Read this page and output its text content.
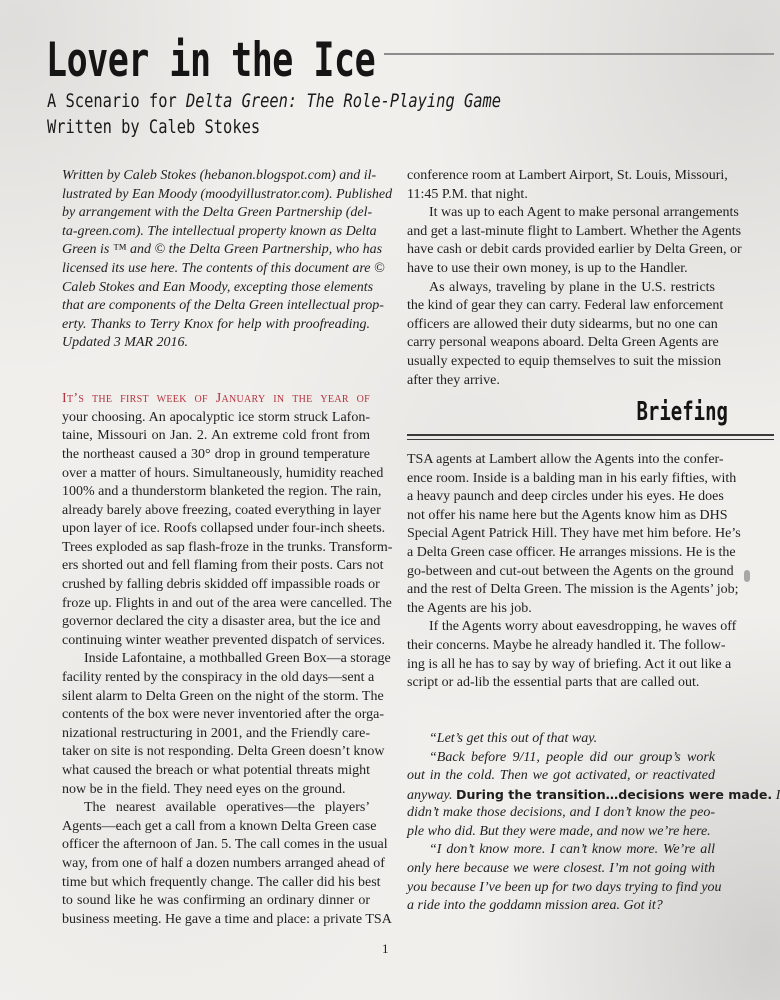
Lover in the Ice
A Scenario for Delta Green: The Role-Playing Game
Written by Caleb Stokes
Written by Caleb Stokes (hebanon.blogspot.com) and il-
lustrated by Ean Moody (moodyillustrator.com). Published
by arrangement with the Delta Green Partnership (del-
ta-green.com). The intellectual property known as Delta
Green is ™ and © the Delta Green Partnership, who has
licensed its use here. The contents of this document are ©
Caleb Stokes and Ean Moody, excepting those elements
that are components of the Delta Green intellectual prop-
erty. Thanks to Terry Knox for help with proofreading.
Updated 3 MAR 2016.
It’s the first week of January in the year of
your choosing. An apocalyptic ice storm struck Lafon-
taine, Missouri on Jan. 2. An extreme cold front from
the northeast caused a 30° drop in ground temperature
over a matter of hours. Simultaneously, humidity reached
100% and a thunderstorm blanketed the region. The rain,
already barely above freezing, coated everything in layer
upon layer of ice. Roofs collapsed under four-inch sheets.
Trees exploded as sap flash-froze in the trunks. Transform-
ers shorted out and fell flaming from their posts. Cars not
crushed by falling debris skidded off impassible roads or
froze up. Flights in and out of the area were cancelled. The
governor declared the city a disaster area, but the ice and
continuing winter weather prevented dispatch of services.
Inside Lafontaine, a mothballed Green Box—a storage
facility rented by the conspiracy in the old days—sent a
silent alarm to Delta Green on the night of the storm. The
contents of the box were never inventoried after the orga-
nizational restructuring in 2001, and the Friendly care-
taker on site is not responding. Delta Green doesn’t know
what caused the breach or what potential threats might
now be in the field. They need eyes on the ground.
The nearest available operatives—the players’
Agents—each get a call from a known Delta Green case
officer the afternoon of Jan. 5. The call comes in the usual
way, from one of half a dozen numbers arranged ahead of
time but which frequently change. The caller did his best
to sound like he was confirming an ordinary dinner or
business meeting. He gave a time and place: a private TSA
conference room at Lambert Airport, St. Louis, Missouri,
11:45 P.M. that night.
It was up to each Agent to make personal arrangements
and get a last-minute flight to Lambert. Whether the Agents
have cash or debit cards provided earlier by Delta Green, or
have to use their own money, is up to the Handler.
As always, traveling by plane in the U.S. restricts
the kind of gear they can carry. Federal law enforcement
officers are allowed their duty sidearms, but no one can
carry personal weapons aboard. Delta Green Agents are
usually expected to equip themselves to suit the mission
after they arrive.
TSA agents at Lambert allow the Agents into the confer-
ence room. Inside is a balding man in his early fifties, with
a heavy paunch and deep circles under his eyes. He does
not offer his name here but the Agents know him as DHS
Special Agent Patrick Hill. They have met him before. He’s
a Delta Green case officer. He arranges missions. He is the
go-between and cut-out between the Agents on the ground
and the rest of Delta Green. The mission is the Agents’ job;
the Agents are his job.
If the Agents worry about eavesdropping, he waves off
their concerns. Maybe he already handled it. The follow-
ing is all he has to say by way of briefing. Act it out like a
script or ad-lib the essential parts that are called out.
“Let’s get this out of that way.
“Back before 9/11, people did our group’s work
out in the cold. Then we got activated, or reactivated
anyway. During the transition…decisions were made. I
didn’t make those decisions, and I don’t know the peo-
ple who did. But they were made, and now we’re here.
“I don’t know more. I can’t know more. We’re all
only here because we were closest. I’m not going with
you because I’ve been up for two days trying to find you
a ride into the goddamn mission area. Got it?
Briefing
1
